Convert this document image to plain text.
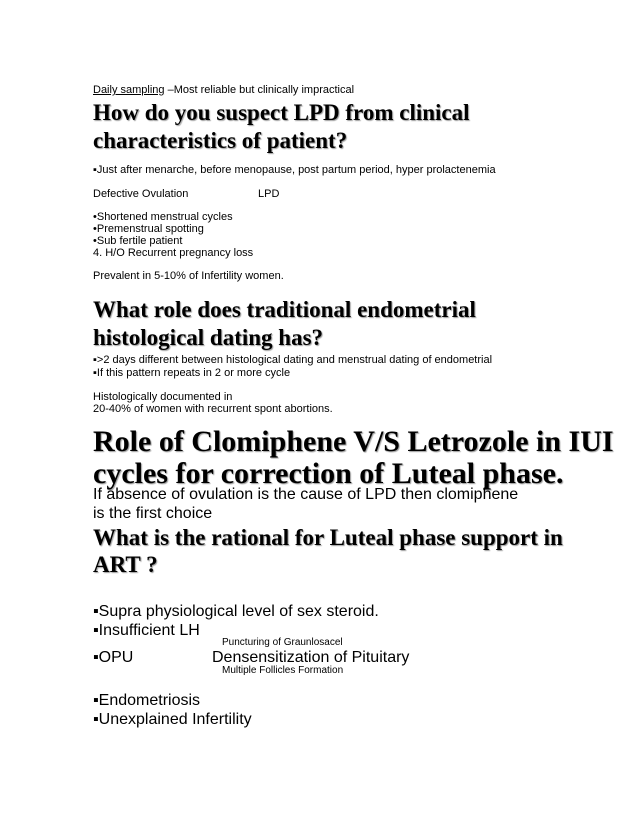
Daily sampling –Most reliable but clinically impractical
How do you suspect LPD from clinical
characteristics of patient?
▪Just after menarche, before menopause, post partum period, hyper prolactenemia
Defective Ovulation	LPD
•Shortened menstrual cycles
•Premenstrual spotting
•Sub fertile patient
4. H/O Recurrent pregnancy loss
Prevalent in 5-10% of Infertility women.
What role does traditional endometrial
histological dating has?
▪>2 days different between histological dating and menstrual dating of endometrial
▪If this pattern repeats in 2 or more cycle
Histologically documented in
20-40% of women with recurrent spont abortions.
Role of Clomiphene V/S Letrozole in IUI
cycles for correction of Luteal phase.
If absence of ovulation is the cause of LPD then clomiphene
is the first choice
What is the rational for Luteal phase support in
ART ?
▪Supra physiological level of sex steroid.
▪Insufficient LH
Puncturing of Graunlosacel
▪OPU	Densensitization of Pituitary
Multiple Follicles Formation
▪Endometriosis
▪Unexplained Infertility
